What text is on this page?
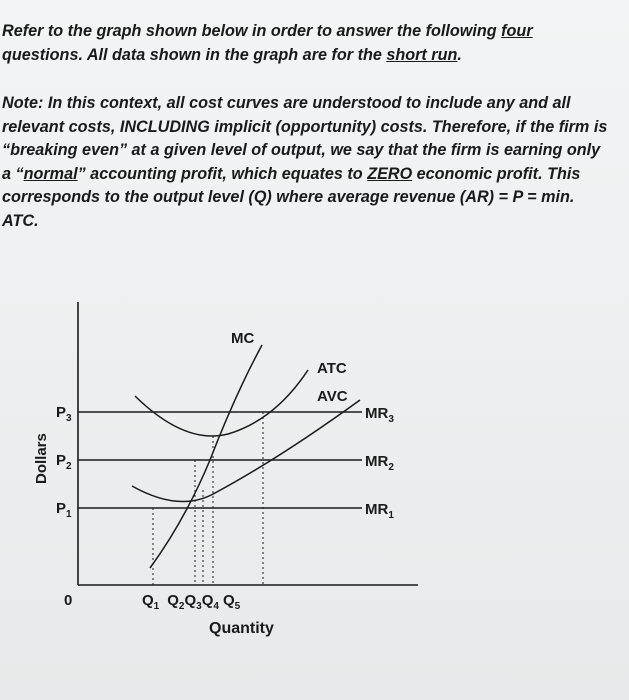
Refer to the graph shown below in order to answer the following four
questions. All data shown in the graph are for the short run.

Note: In this context, all cost curves are understood to include any and all
relevant costs, INCLUDING implicit (opportunity) costs. Therefore, if the firm is
“breaking even” at a given level of output, we say that the firm is earning only
a “normal” accounting profit, which equates to ZERO economic profit. This
corresponds to the output level (Q) where average revenue (AR) = P = min.
ATC.

MC
ATC
AVC
$MR_3$
$MR_2$
$MR_1$
$P_3$
$P_2$
$P_1$
Dollars
0	$Q_1$ $Q_2Q_3Q_4$ $Q_5$
Quantity
